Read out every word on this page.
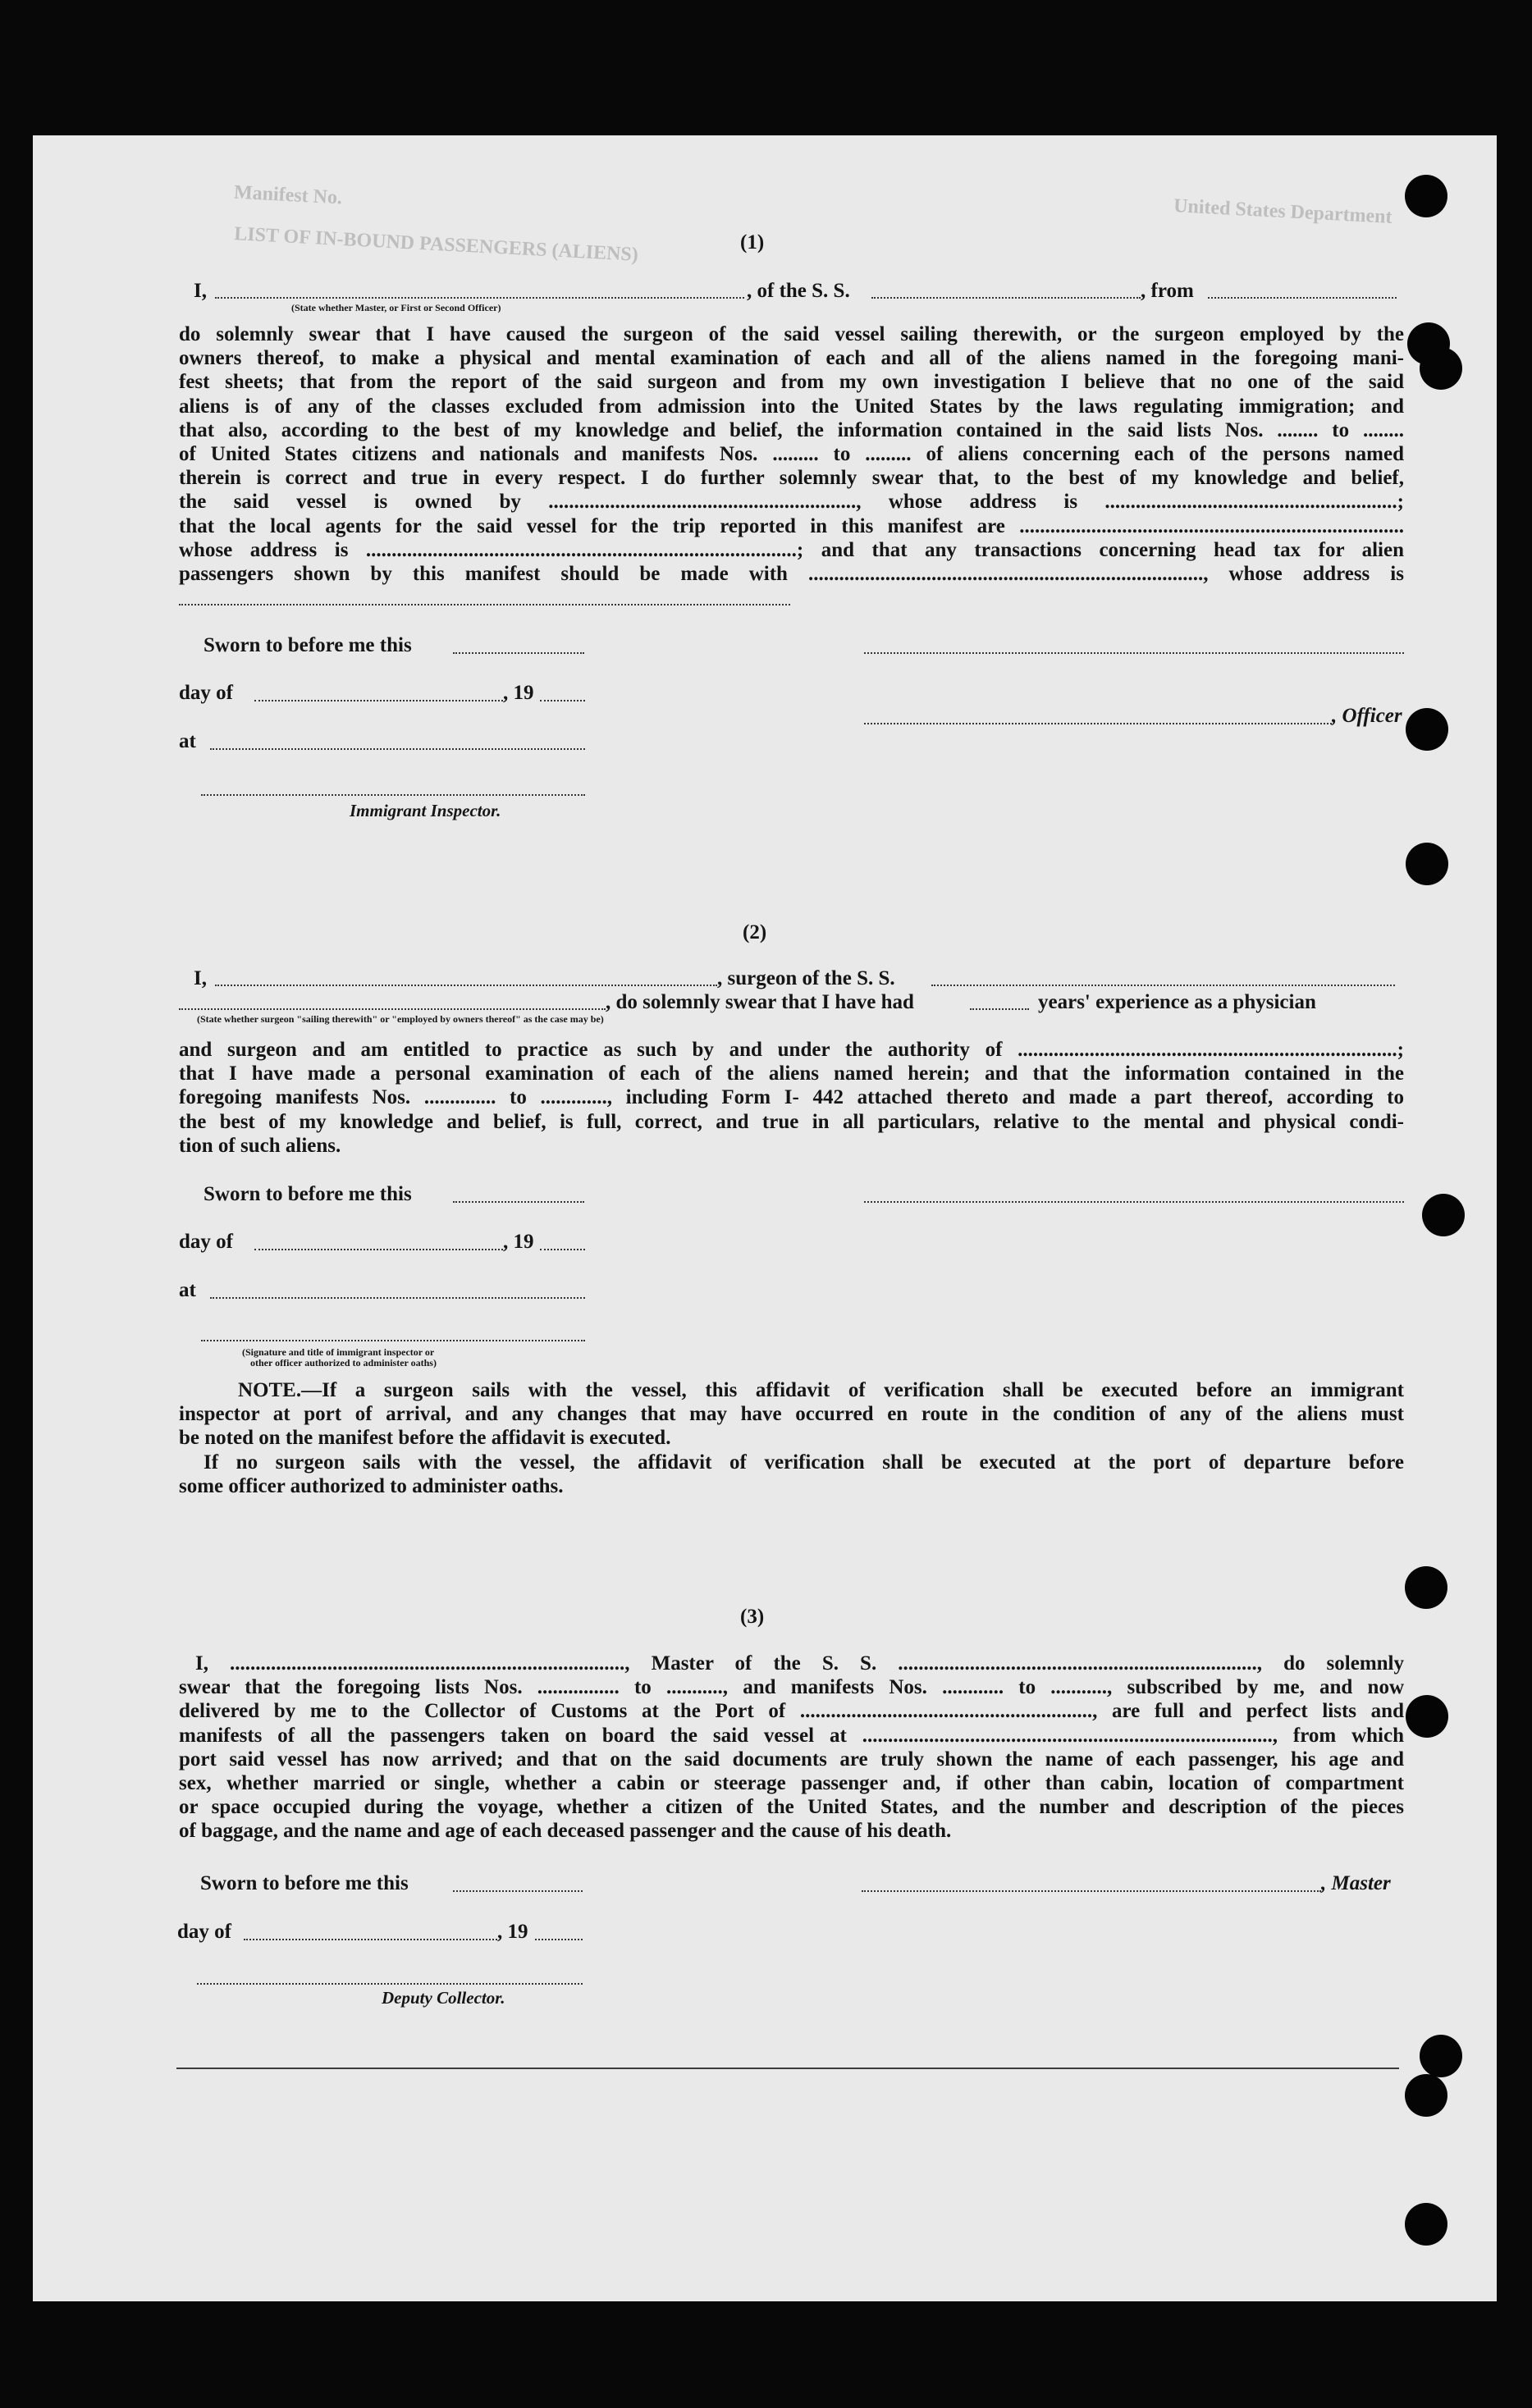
Manifest No.
LIST OF IN-BOUND PASSENGERS (ALIENS)
United States Department
(1)
I,	, of the S. S.	, from
(State whether Master, or First or Second Officer)
do solemnly swear that I have caused the surgeon of the said vessel sailing therewith, or the surgeon employed by the
owners thereof, to make a physical and mental examination of each and all of the aliens named in the foregoing mani-
fest sheets; that from the report of the said surgeon and from my own investigation I believe that no one of the said
aliens is of any of the classes excluded from admission into the United States by the laws regulating immigration; and
that also, according to the best of my knowledge and belief, the information contained in the said lists Nos. ........ to ........
of United States citizens and nationals and manifests Nos. ......... to ......... of aliens concerning each of the persons named
therein is correct and true in every respect. I do further solemnly swear that, to the best of my knowledge and belief,
the said vessel is owned by ............................................................, whose address is .........................................................;
that the local agents for the said vessel for the trip reported in this manifest are ...........................................................................
whose address is ....................................................................................; and that any transactions concerning head tax for alien
passengers shown by this manifest should be made with ............................................................................., whose address is
Sworn to before me this
day of	, 19
, Officer
at
Immigrant Inspector.
(2)
I,	, surgeon of the S. S.
, do solemnly swear that I have had	years' experience as a physician
(State whether surgeon "sailing therewith" or "employed by owners thereof" as the case may be)
and surgeon and am entitled to practice as such by and under the authority of ..........................................................................;
that I have made a personal examination of each of the aliens named herein; and that the information contained in the
foregoing manifests Nos. .............. to ............., including Form I- 442 attached thereto and made a part thereof, according to
the best of my knowledge and belief, is full, correct, and true in all particulars, relative to the mental and physical condi-
tion of such aliens.
Sworn to before me this
day of	, 19
at
(Signature and title of immigrant inspector or
other officer authorized to administer oaths)
NOTE.—If a surgeon sails with the vessel, this affidavit of verification shall be executed before an immigrant
inspector at port of arrival, and any changes that may have occurred en route in the condition of any of the aliens must
be noted on the manifest before the affidavit is executed.
If no surgeon sails with the vessel, the affidavit of verification shall be executed at the port of departure before
some officer authorized to administer oaths.
(3)
I, ............................................................................., Master of the S. S. ......................................................................, do solemnly
swear that the foregoing lists Nos. ................ to ..........., and manifests Nos. ............ to ..........., subscribed by me, and now
delivered by me to the Collector of Customs at the Port of ........................................................., are full and perfect lists and
manifests of all the passengers taken on board the said vessel at ................................................................................, from which
port said vessel has now arrived; and that on the said documents are truly shown the name of each passenger, his age and
sex, whether married or single, whether a cabin or steerage passenger and, if other than cabin, location of compartment
or space occupied during the voyage, whether a citizen of the United States, and the number and description of the pieces
of baggage, and the name and age of each deceased passenger and the cause of his death.
Sworn to before me this	, Master
day of	, 19
Deputy Collector.
